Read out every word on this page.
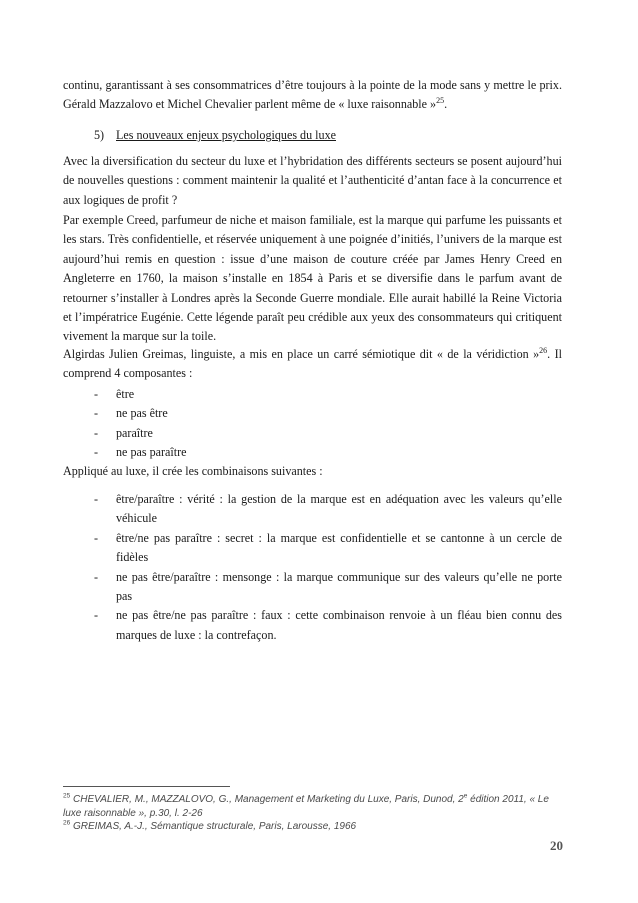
continu, garantissant à ses consommatrices d’être toujours à la pointe de la mode sans y mettre le prix. Gérald Mazzalovo et Michel Chevalier parlent même de « luxe raisonnable »$^{25}$.

5) Les nouveaux enjeux psychologiques du luxe

Avec la diversification du secteur du luxe et l’hybridation des différents secteurs se posent aujourd’hui de nouvelles questions : comment maintenir la qualité et l’authenticité d’antan face à la concurrence et aux logiques de profit ?

Par exemple Creed, parfumeur de niche et maison familiale, est la marque qui parfume les puissants et les stars. Très confidentielle, et réservée uniquement à une poignée d’initiés, l’univers de la marque est aujourd’hui remis en question : issue d’une maison de couture créée par James Henry Creed en Angleterre en 1760, la maison s’installe en 1854 à Paris et se diversifie dans le parfum avant de retourner s’installer à Londres après la Seconde Guerre mondiale. Elle aurait habillé la Reine Victoria et l’impératrice Eugénie. Cette légende paraît peu crédible aux yeux des consommateurs qui critiquent vivement la marque sur la toile.

Algirdas Julien Greimas, linguiste, a mis en place un carré sémiotique dit « de la véridiction »$^{26}$. Il comprend 4 composantes :

- être
- ne pas être
- paraître
- ne pas paraître

Appliqué au luxe, il crée les combinaisons suivantes :

- être/paraître : vérité : la gestion de la marque est en adéquation avec les valeurs qu’elle véhicule
- être/ne pas paraître : secret : la marque est confidentielle et se cantonne à un cercle de fidèles
- ne pas être/paraître : mensonge : la marque communique sur des valeurs qu’elle ne porte pas
- ne pas être/ne pas paraître : faux : cette combinaison renvoie à un fléau bien connu des marques de luxe : la contrefaçon.

$^{25}$ CHEVALIER, M., MAZZALOVO, G., Management et Marketing du Luxe, Paris, Dunod, 2e édition 2011, « Le luxe raisonnable », p.30, l. 2-26

$^{26}$ GREIMAS, A.-J., Sémantique structurale, Paris, Larousse, 1966

20
